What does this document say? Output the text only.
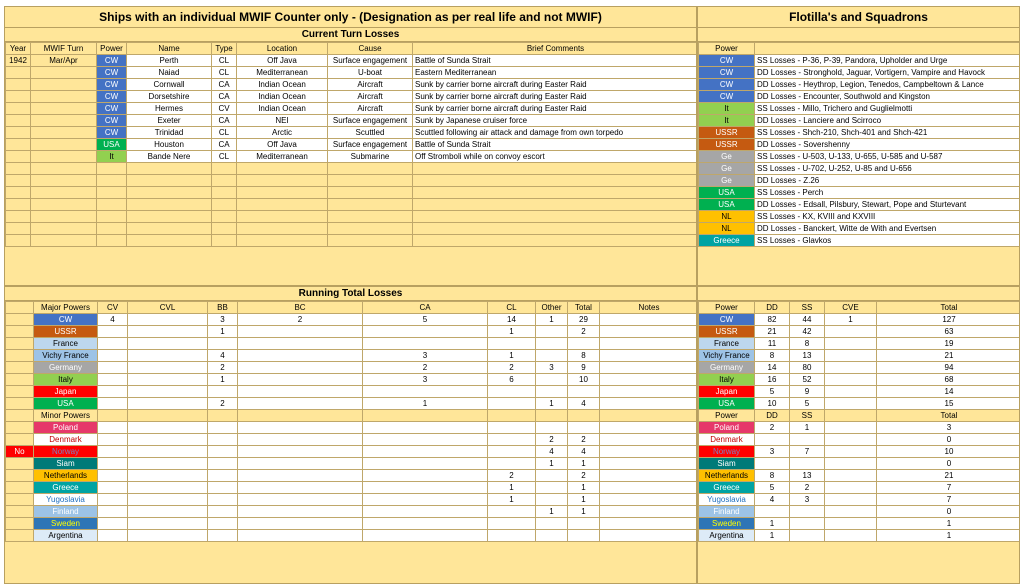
Ships with an individual MWIF Counter only - (Designation as per real life and not MWIF)
Current Turn Losses
Year	MWIF Turn	Power	Name	Type	Location	Cause	Brief Comments
1942	Mar/Apr	CW	Perth	CL	Off Java	Surface engagement	Battle of Sunda Strait
		CW	Naiad	CL	Mediterranean	U-boat	Eastern Mediterranean
		CW	Cornwall	CA	Indian Ocean	Aircraft	Sunk by carrier borne aircraft during Easter Raid
		CW	Dorsetshire	CA	Indian Ocean	Aircraft	Sunk by carrier borne aircraft during Easter Raid
		CW	Hermes	CV	Indian Ocean	Aircraft	Sunk by carrier borne aircraft during Easter Raid
		CW	Exeter	CA	NEI	Surface engagement	Sunk by Japanese cruiser force
		CW	Trinidad	CL	Arctic	Scuttled	Scuttled following air attack and damage from own torpedo
		USA	Houston	CA	Off Java	Surface engagement	Battle of Sunda Strait
		It	Bande Nere	CL	Mediterranean	Submarine	Off Stromboli while on convoy escort

Flotilla's and Squadrons
Power	
CW	SS Losses - P-36, P-39, Pandora, Upholder and Urge
CW	DD Losses - Stronghold, Jaguar, Vortigern, Vampire and Havock
CW	DD Losses - Heythrop, Legion, Tenedos, Campbeltown & Lance
CW	DD Losses - Encounter, Southwold and Kingston
It	SS Losses - Millo, Trichero and Guglielmotti
It	DD Losses - Lanciere and Scirroco
USSR	SS Losses - Shch-210, Shch-401 and Shch-421
USSR	DD Losses - Sovershenny
Ge	SS Losses - U-503, U-133, U-655, U-585 and U-587
Ge	SS Losses - U-702, U-252, U-85 and U-656
Ge	DD Losses - Z.26
USA	SS Losses - Perch
USA	DD Losses - Edsall, Pilsbury, Stewart, Pope and Sturtevant
NL	SS Losses - KX, KVIII and KXVIII
NL	DD Losses - Banckert, Witte de With and Evertsen
Greece	SS Losses - Glavkos
Running Total Losses
	Major Powers	CV	CVL	BB	BC	CA	CL	Other	Total	Notes
	CW	4		3	2	5	14	1	29	
	USSR			1			1		2	
	France									
	Vichy France			4		3	1		8	
	Germany			2		2	2	3	9	
	Italy			1		3	6		10	
	Japan									
	USA			2		1		1	4	
	Minor Powers									
	Poland									
	Denmark							2	2	
No	Norway							4	4	
	Siam							1	1	
	Netherlands						2		2	
	Greece						1		1	
	Yugoslavia						1		1	
	Finland							1	1	
	Sweden									
	Argentina									
Power	DD	SS	CVE	Total
CW	82	44	1	127
USSR	21	42		63
France	11	8		19
Vichy France	8	13		21
Germany	14	80		94
Italy	16	52		68
Japan	5	9		14
USA	10	5		15
Power	DD	SS		Total
Poland	2	1		3
Denmark				0
Norway	3	7		10
Siam				0
Netherlands	8	13		21
Greece	5	2		7
Yugoslavia	4	3		7
Finland				0
Sweden	1			1
Argentina	1			1
